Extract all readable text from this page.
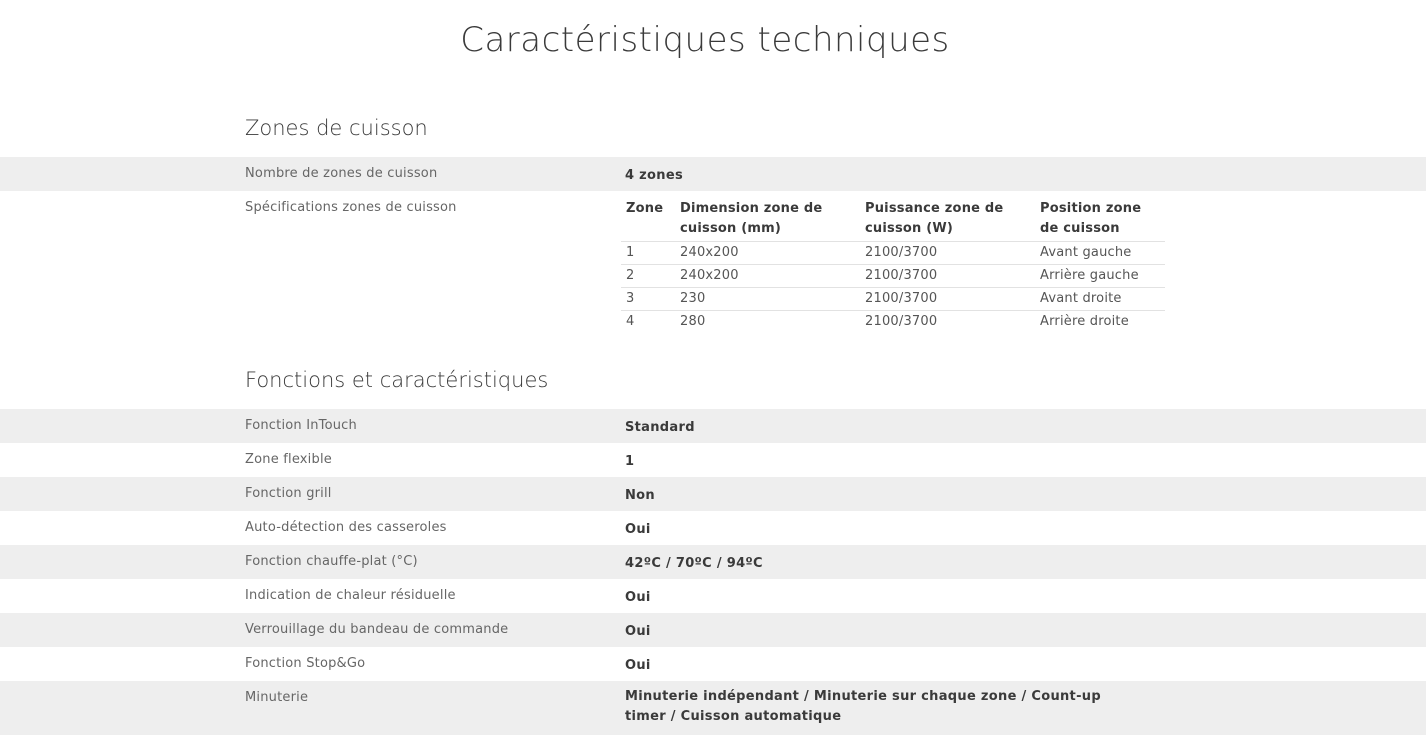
Caractéristiques techniques
Zones de cuisson
Nombre de zones de cuisson	4 zones
Spécifications zones de cuisson	Zone	Dimension zone de cuisson (mm)	Puissance zone de cuisson (W)	Position zone de cuisson
1	240x200	2100/3700	Avant gauche
2	240x200	2100/3700	Arrière gauche
3	230	2100/3700	Avant droite
4	280	2100/3700	Arrière droite
Fonctions et caractéristiques
Fonction InTouch	Standard
Zone flexible	1
Fonction grill	Non
Auto-détection des casseroles	Oui
Fonction chauffe-plat (°C)	42ºC / 70ºC / 94ºC
Indication de chaleur résiduelle	Oui
Verrouillage du bandeau de commande	Oui
Fonction Stop&Go	Oui
Minuterie	Minuterie indépendant / Minuterie sur chaque zone / Count-up timer / Cuisson automatique
